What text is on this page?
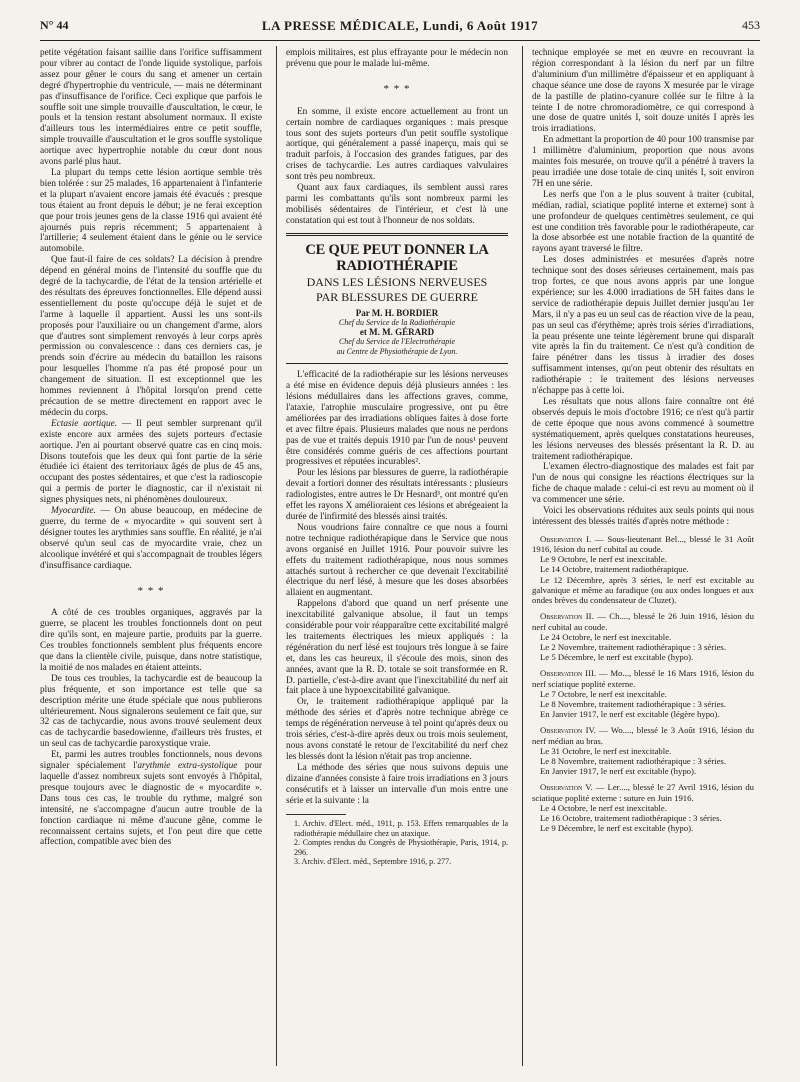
N° 44	LA PRESSE MÉDICALE, Lundi, 6 Août 1917	453

petite végétation faisant saillie dans l'orifice suffisamment pour vibrer au contact de l'onde liquide systolique, parfois assez pour gêner le cours du sang et amener un certain degré d'hypertrophie du ventricule, — mais ne déterminant pas d'insuffisance de l'orifice. Ceci explique que parfois le souffle soit une simple trouvaille d'auscultation, le cœur, le pouls et la tension restant absolument normaux. Il existe d'ailleurs tous les intermédiaires entre ce petit souffle, simple trouvaille d'auscultation et le gros souffle systolique aortique avec hypertrophie notable du cœur dont nous avons parlé plus haut.

La plupart du temps cette lésion aortique semble très bien tolérée : sur 25 malades, 16 appartenaient à l'infanterie et la plupart n'avaient encore jamais été évacués : presque tous étaient au front depuis le début; je ne ferai exception que pour trois jeunes gens de la classe 1916 qui avaient été ajournés puis repris récemment; 5 appartenaient à l'artillerie; 4 seulement étaient dans le génie ou le service automobile.

Que faut-il faire de ces soldats? La décision à prendre dépend en général moins de l'intensité du souffle que du degré de la tachycardie, de l'état de la tension artérielle et des résultats des épreuves fonctionnelles. Elle dépend aussi essentiellement du poste qu'occupe déjà le sujet et de l'arme à laquelle il appartient. Aussi les uns sont-ils proposés pour l'auxiliaire ou un changement d'arme, alors que d'autres sont simplement renvoyés à leur corps après permission ou convalescence : dans ces derniers cas, je prends soin d'écrire au médecin du bataillon les raisons pour lesquelles l'homme n'a pas été proposé pour un changement de situation. Il est exceptionnel que les hommes reviennent à l'hôpital lorsqu'on prend cette précaution de se mettre directement en rapport avec le médecin du corps.

Ectasie aortique. — Il peut sembler surprenant qu'il existe encore aux armées des sujets porteurs d'ectasie aortique. J'en ai pourtant observé quatre cas en cinq mois. Disons toutefois que les deux qui font partie de la série étudiée ici étaient des territoriaux âgés de plus de 45 ans, occupant des postes sédentaires, et que c'est la radioscopie qui a permis de porter le diagnostic, car il n'existait ni signes physiques nets, ni phénomènes douloureux.

Myocardite. — On abuse beaucoup, en médecine de guerre, du terme de « myocardite » qui souvent sert à désigner toutes les arythmies sans souffle. En réalité, je n'ai observé qu'un seul cas de myocardite vraie, chez un alcoolique invétéré et qui s'accompagnait de troubles légers d'insuffisance cardiaque.

* * *

A côté de ces troubles organiques, aggravés par la guerre, se placent les troubles fonctionnels dont on peut dire qu'ils sont, en majeure partie, produits par la guerre. Ces troubles fonctionnels semblent plus fréquents encore que dans la clientèle civile, puisque, dans notre statistique, la moitié de nos malades en étaient atteints.

De tous ces troubles, la tachycardie est de beaucoup la plus fréquente, et son importance est telle que sa description mérite une étude spéciale que nous publierons ultérieurement. Nous signalerons seulement ce fait que, sur 32 cas de tachycardie, nous avons trouvé seulement deux cas de tachycardie basedowienne, d'ailleurs très frustes, et un seul cas de tachycardie paroxystique vraie.

Et, parmi les autres troubles fonctionnels, nous devons signaler spécialement l'arythmie extra-systolique pour laquelle d'assez nombreux sujets sont envoyés à l'hôpital, presque toujours avec le diagnostic de « myocardite ». Dans tous ces cas, le trouble du rythme, malgré son intensité, ne s'accompagne d'aucun autre trouble de la fonction cardiaque ni même d'aucune gêne, comme le reconnaissent certains sujets, et l'on peut dire que cette affection, compatible avec bien des

emplois militaires, est plus effrayante pour le médecin non prévenu que pour le malade lui-même.

* * *

En somme, il existe encore actuellement au front un certain nombre de cardiaques organiques : mais presque tous sont des sujets porteurs d'un petit souffle systolique aortique, qui généralement a passé inaperçu, mais qui se traduit parfois, à l'occasion des grandes fatigues, par des crises de tachycardie. Les autres cardiaques valvulaires sont très peu nombreux.

Quant aux faux cardiaques, ils semblent aussi rares parmi les combattants qu'ils sont nombreux parmi les mobilisés sédentaires de l'intérieur, et c'est là une constatation qui est tout à l'honneur de nos soldats.

CE QUE PEUT DONNER LA RADIOTHÉRAPIE
DANS LES LÉSIONS NERVEUSES
PAR BLESSURES DE GUERRE
Par M. H. BORDIER
Chef du Service de la Radiothérapie
et M. M. GÉRARD
Chef du Service de l'Electrothérapie
au Centre de Physiothérapie de Lyon.

L'efficacité de la radiothérapie sur les lésions nerveuses a été mise en évidence depuis déjà plusieurs années : les lésions médullaires dans les affections graves, comme, l'ataxie, l'atrophie musculaire progressive, ont pu être améliorées par des irradiations obliques faites à dose forte et avec filtre épais. Plusieurs malades que nous ne perdons pas de vue et traités depuis 1910 par l'un de nous¹ peuvent être considérés comme guéris de ces affections pourtant progressives et réputées incurables².

Pour les lésions par blessures de guerre, la radiothérapie devait a fortiori donner des résultats intéressants : plusieurs radiologistes, entre autres le Dr Hesnard³, ont montré qu'en effet les rayons X amélioraient ces lésions et abrégeaient la durée de l'infirmité des blessés ainsi traités.

Nous voudrions faire connaître ce que nous a fourni notre technique radiothérapique dans le Service que nous avons organisé en Juillet 1916. Pour pouvoir suivre les effets du traitement radiothérapique, nous nous sommes attachés surtout à rechercher ce que devenait l'excitabilité électrique du nerf lésé, à mesure que les doses absorbées allaient en augmentant.

Rappelons d'abord que quand un nerf présente une inexcitabilité galvanique absolue, il faut un temps considérable pour voir réapparaître cette excitabilité malgré les traitements électriques les mieux appliqués : la régénération du nerf lésé est toujours très longue à se faire et, dans les cas heureux, il s'écoule des mois, sinon des années, avant que la R. D. totale se soit transformée en R. D. partielle, c'est-à-dire avant que l'inexcitabilité du nerf ait fait place à une hypoexcitabilité galvanique.

Or, le traitement radiothérapique appliqué par la méthode des séries et d'après notre technique abrège ce temps de régénération nerveuse à tel point qu'après deux ou trois séries, c'est-à-dire après deux ou trois mois seulement, nous avons constaté le retour de l'excitabilité du nerf chez les blessés dont la lésion n'était pas trop ancienne.

La méthode des séries que nous suivons depuis une dizaine d'années consiste à faire trois irradiations en 3 jours consécutifs et à laisser un intervalle d'un mois entre une série et la suivante : la

1. Archiv. d'Elect. méd., 1911, p. 153. Effets remarquables de la radiothérapie médullaire chez un ataxique.

2. Comptes rendus du Congrès de Physiothérapie, Paris, 1914, p. 296.

3. Archiv. d'Elect. méd., Septembre 1916, p. 277.

technique employée se met en œuvre en recouvrant la région correspondant à la lésion du nerf par un filtre d'aluminium d'un millimètre d'épaisseur et en appliquant à chaque séance une dose de rayons X mesurée par le virage de la pastille de platino-cyanure collée sur le filtre à la teinte I de notre chromoradiomètre, ce qui correspond à une dose de quatre unités I, soit douze unités I après les trois irradiations.

En admettant la proportion de 40 pour 100 transmise par 1 millimètre d'aluminium, proportion que nous avons maintes fois mesurée, on trouve qu'il a pénétré à travers la peau irradiée une dose totale de cinq unités I, soit environ 7H en une série.

Les nerfs que l'on a le plus souvent à traiter (cubital, médian, radial, sciatique poplité interne et externe) sont à une profondeur de quelques centimètres seulement, ce qui est une condition très favorable pour le radiothérapeute, car la dose absorbée est une notable fraction de la quantité de rayons ayant traversé le filtre.

Les doses administrées et mesurées d'après notre technique sont des doses sérieuses certainement, mais pas trop fortes, ce que nous avons appris par une longue expérience; sur les 4.000 irradiations de 5H faites dans le service de radiothérapie depuis Juillet dernier jusqu'au 1er Mars, il n'y a pas eu un seul cas de réaction vive de la peau, pas un seul cas d'érythème; après trois séries d'irradiations, la peau présente une teinte légèrement brune qui disparaît vite après la fin du traitement. Ce n'est qu'à condition de faire pénétrer dans les tissus à irradier des doses suffisamment intenses, qu'on peut obtenir des résultats en radiothérapie : le traitement des lésions nerveuses n'échappe pas à cette loi.

Les résultats que nous allons faire connaître ont été observés depuis le mois d'octobre 1916; ce n'est qu'à partir de cette époque que nous avons commencé à soumettre systématiquement, après quelques constatations heureuses, les lésions nerveuses des blessés présentant la R. D. au traitement radiothérapique.

L'examen électro-diagnostique des malades est fait par l'un de nous qui consigne les réactions électriques sur la fiche de chaque malade : celui-ci est revu au moment où il va commencer une série.

Voici les observations réduites aux seuls points qui nous intéressent des blessés traités d'après notre méthode :

Observation I. — Sous-lieutenant Bel..., blessé le 31 Août 1916, lésion du nerf cubital au coude.

Le 9 Octobre, le nerf est inexcitable.

Le 14 Octobre, traitement radiothérapique.

Le 12 Décembre, après 3 séries, le nerf est excitable au galvanique et même au faradique (ou aux ondes longues et aux ondes brèves du condensateur de Cluzet).

Observation II. — Ch...., blessé le 26 Juin 1916, lésion du nerf cubital au coude.

Le 24 Octobre, le nerf est inexcitable.

Le 2 Novembre, traitement radiothérapique : 3 séries.

Le 5 Décembre, le nerf est excitable (hypo).

Observation III. — Mo..., blessé le 16 Mars 1916, lésion du nerf sciatique poplité externe.

Le 7 Octobre, le nerf est inexcitable.

Le 8 Novembre, traitement radiothérapique : 3 séries.

En Janvier 1917, le nerf est excitable (légère hypo).

Observation IV. — Wo...., blessé le 3 Août 1916, lésion du nerf médian au bras.

Le 31 Octobre, le nerf est inexcitable.

Le 8 Novembre, traitement radiothérapique : 3 séries.

En Janvier 1917, le nerf est excitable (hypo).

Observation V. — Ler...., blessé le 27 Avril 1916, lésion du sciatique poplité externe : suture en Juin 1916.

Le 4 Octobre, le nerf est inexcitable.

Le 16 Octobre, traitement radiothérapique : 3 séries.

Le 9 Décembre, le nerf est excitable (hypo).
